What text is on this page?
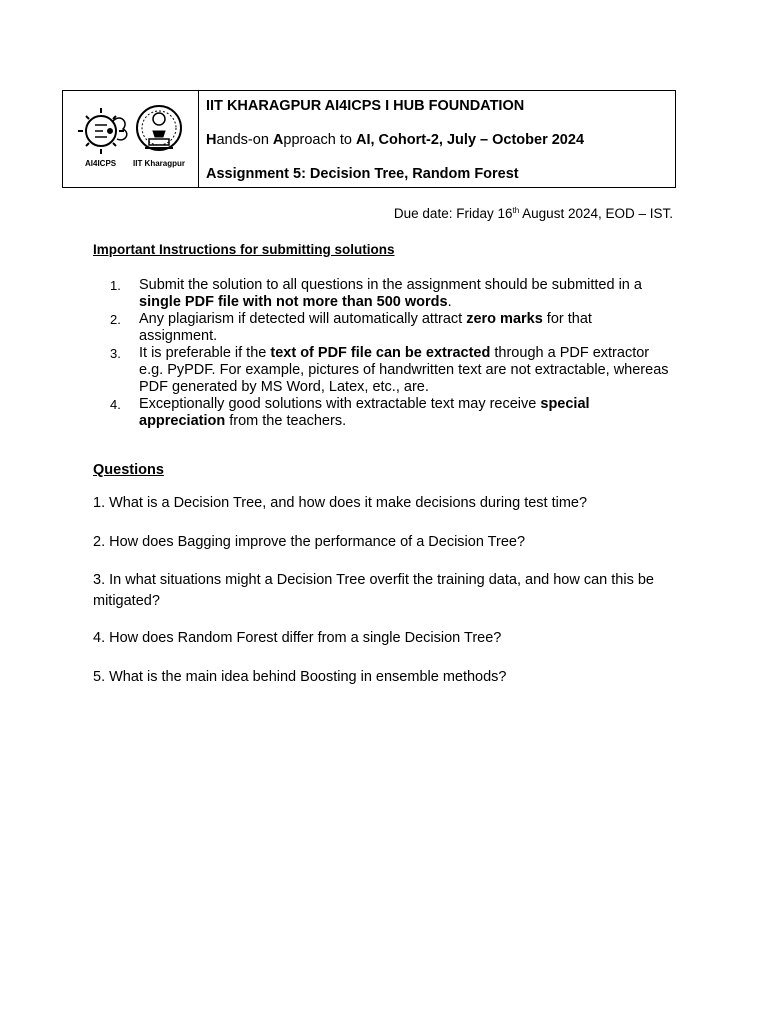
AI4ICPS IIT Kharagpur
IIT KHARAGPUR AI4ICPS I HUB FOUNDATION
Hands-on Approach to AI, Cohort-2, July – October 2024
Assignment 5: Decision Tree, Random Forest
Due date: Friday 16th August 2024, EOD – IST.
Important Instructions for submitting solutions
1.	Submit the solution to all questions in the assignment should be submitted in a single PDF file with not more than 500 words.
2.	Any plagiarism if detected will automatically attract zero marks for that assignment.
3.	It is preferable if the text of PDF file can be extracted through a PDF extractor e.g. PyPDF. For example, pictures of handwritten text are not extractable, whereas PDF generated by MS Word, Latex, etc., are.
4.	Exceptionally good solutions with extractable text may receive special appreciation from the teachers.
Questions
1. What is a Decision Tree, and how does it make decisions during test time?
2. How does Bagging improve the performance of a Decision Tree?
3. In what situations might a Decision Tree overfit the training data, and how can this be mitigated?
4. How does Random Forest differ from a single Decision Tree?
5. What is the main idea behind Boosting in ensemble methods?
